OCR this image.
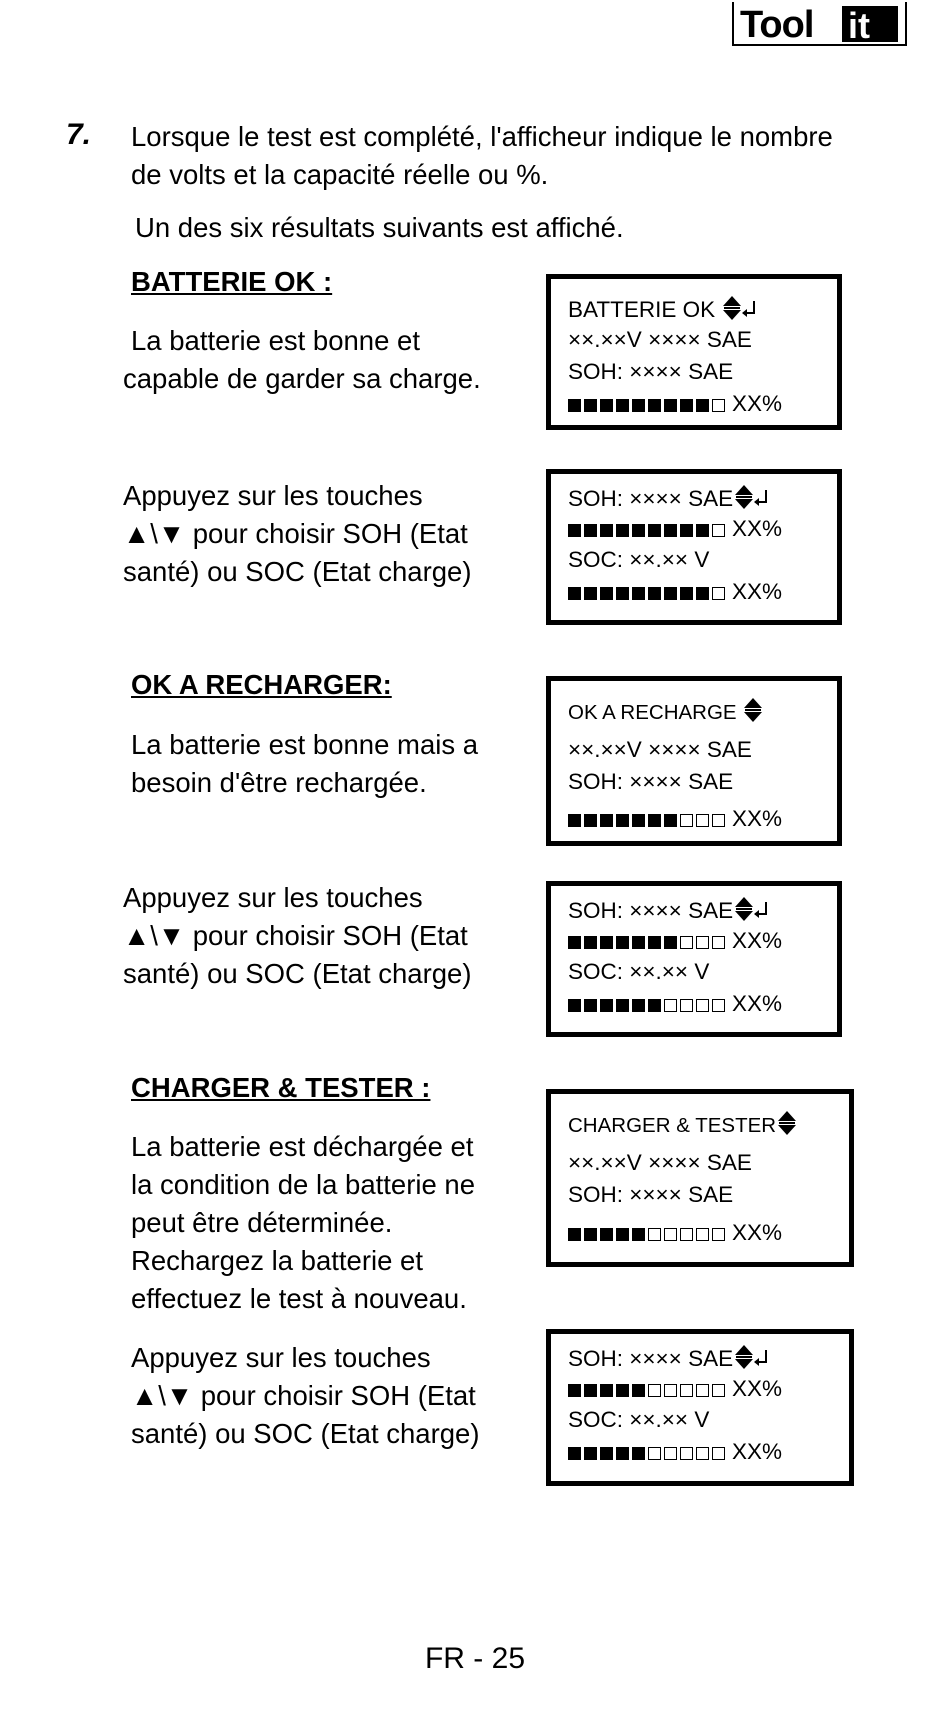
Tool it
7. Lorsque le test est complété, l'afficheur indique le nombre
de volts et la capacité réelle ou %.
Un des six résultats suivants est affiché.
BATTERIE OK :
La batterie est bonne et
capable de garder sa charge.
Appuyez sur les touches
▲\▼ pour choisir SOH (Etat
santé) ou SOC (Etat charge)
OK A RECHARGER:
La batterie est bonne mais a
besoin d'être rechargée.
Appuyez sur les touches
▲\▼ pour choisir SOH (Etat
santé) ou SOC (Etat charge)
CHARGER & TESTER :
La batterie est déchargée et
la condition de la batterie ne
peut être déterminée.
Rechargez la batterie et
effectuez le test à nouveau.
Appuyez sur les touches
▲\▼ pour choisir SOH (Etat
santé) ou SOC (Etat charge)
BATTERIE OK
××.××V ×××× SAE
SOH: ×××× SAE
XX%
SOH: ×××× SAE
XX%
SOC: ××.×× V
XX%
OK A RECHARGE
××.××V ×××× SAE
SOH: ×××× SAE
XX%
SOH: ×××× SAE
XX%
SOC: ××.×× V
XX%
CHARGER & TESTER
××.××V ×××× SAE
SOH: ×××× SAE
XX%
SOH: ×××× SAE
XX%
SOC: ××.×× V
XX%
FR - 25
